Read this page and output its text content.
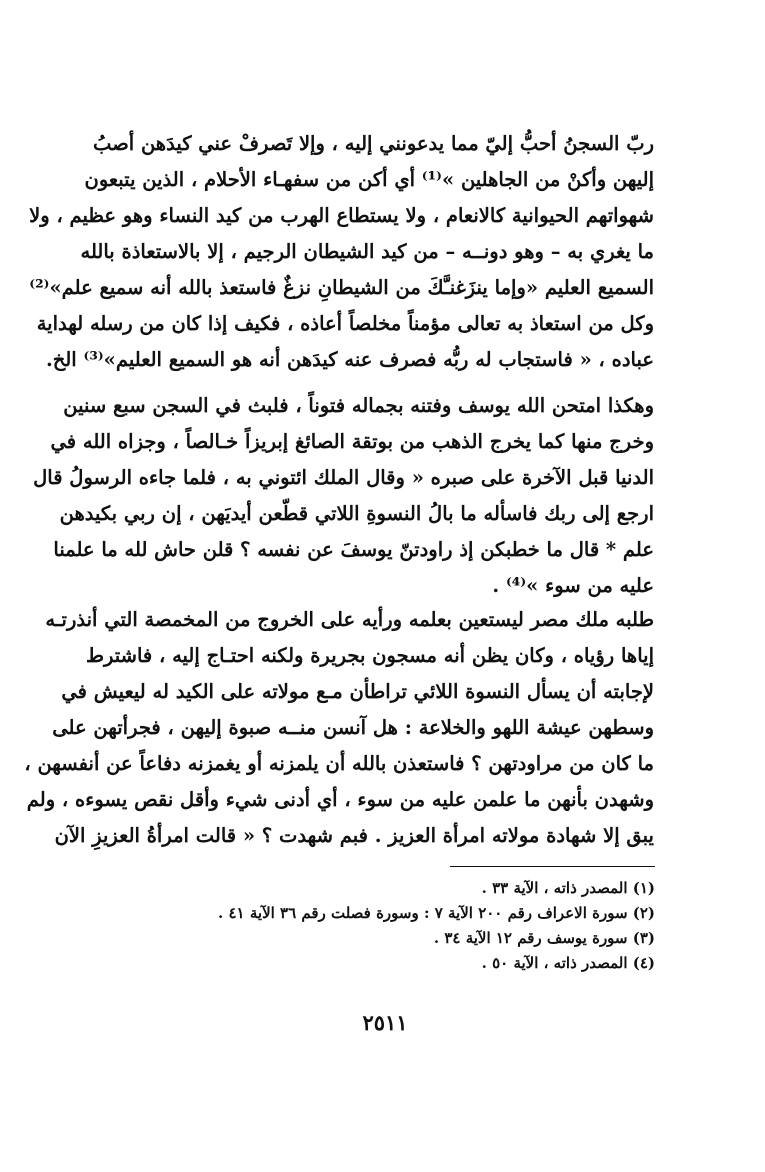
ربّ السجنُ أحبُّ إليّ مما يدعونني إليه ، وإلا تَصرفْ عني كيدَهن أصبُ
إليهن وأكنْ من الجاهلين »⁽¹⁾ أي أكن من سفهـاء الأحلام ، الذين يتبعون
شهواتهم الحيوانية كالانعام ، ولا يستطاع الهرب من كيد النساء وهو عظيم ، ولا
ما يغري به – وهو دونــه – من كيد الشيطان الرجيم ، إلا بالاستعاذة بالله
السميع العليم «وإما ينزَغنـَّكَ من الشيطانِ نزغٌ فاستعذ بالله أنه سميع علم»⁽²⁾
وكل من استعاذ به تعالى مؤمناً مخلصاً أعاذه ، فكيف إذا كان من رسله لهداية
عباده ، « فاستجاب له ربُّه فصرف عنه كيدَهن أنه هو السميع العليم»⁽³⁾ الخ.
وهكذا امتحن الله يوسف وفتنه بجماله فتوناً ، فلبث في السجن سبع سنين
وخرج منها كما يخرج الذهب من بوتقة الصائغ إبريزاً خـالصاً ، وجزاه الله في
الدنيا قبل الآخرة على صبره « وقال الملك ائتوني به ، فلما جاءه الرسولُ قال
ارجع إلى ربك فاسأله ما بالُ النسوةِ اللاتي قطّعن أيديَهن ، إن ربي بكيدهن
علم * قال ما خطبكن إذ راودتنّ يوسفَ عن نفسه ؟ قلن حاش لله ما علمنا
عليه من سوء »⁽⁴⁾ .
طلبه ملك مصر ليستعين بعلمه ورأيه على الخروج من المخمصة التي أنذرتـه
إياها رؤياه ، وكان يظن أنه مسجون بجريرة ولكنه احتـاج إليه ، فاشترط
لإجابته أن يسأل النسوة اللائي تراطأن مـع مولاته على الكيد له ليعيش في
وسطهن عيشة اللهو والخلاعة : هل آنسن منــه صبوة إليهن ، فجرأتهن على
ما كان من مراودتهن ؟ فاستعذن بالله أن يلمزنه أو يغمزنه دفاعاً عن أنفسهن ،
وشهدن بأنهن ما علمن عليه من سوء ، أي أدنى شيء وأقل نقص يسوءه ، ولم
يبق إلا شهادة مولاته امرأة العزيز . فبم شهدت ؟ « قالت امرأةُ العزيزِ الآن
(١) المصدر ذاته ، الآية ٣٣ .
(٢) سورة الاعراف رقم ٢٠٠ الآية ٧ : وسورة فصلت رقم ٣٦ الآية ٤١ .
(٣) سورة يوسف رقم ١٢ الآية ٣٤ .
(٤) المصدر ذاته ، الآية ٥٠ .
٢٥١١
